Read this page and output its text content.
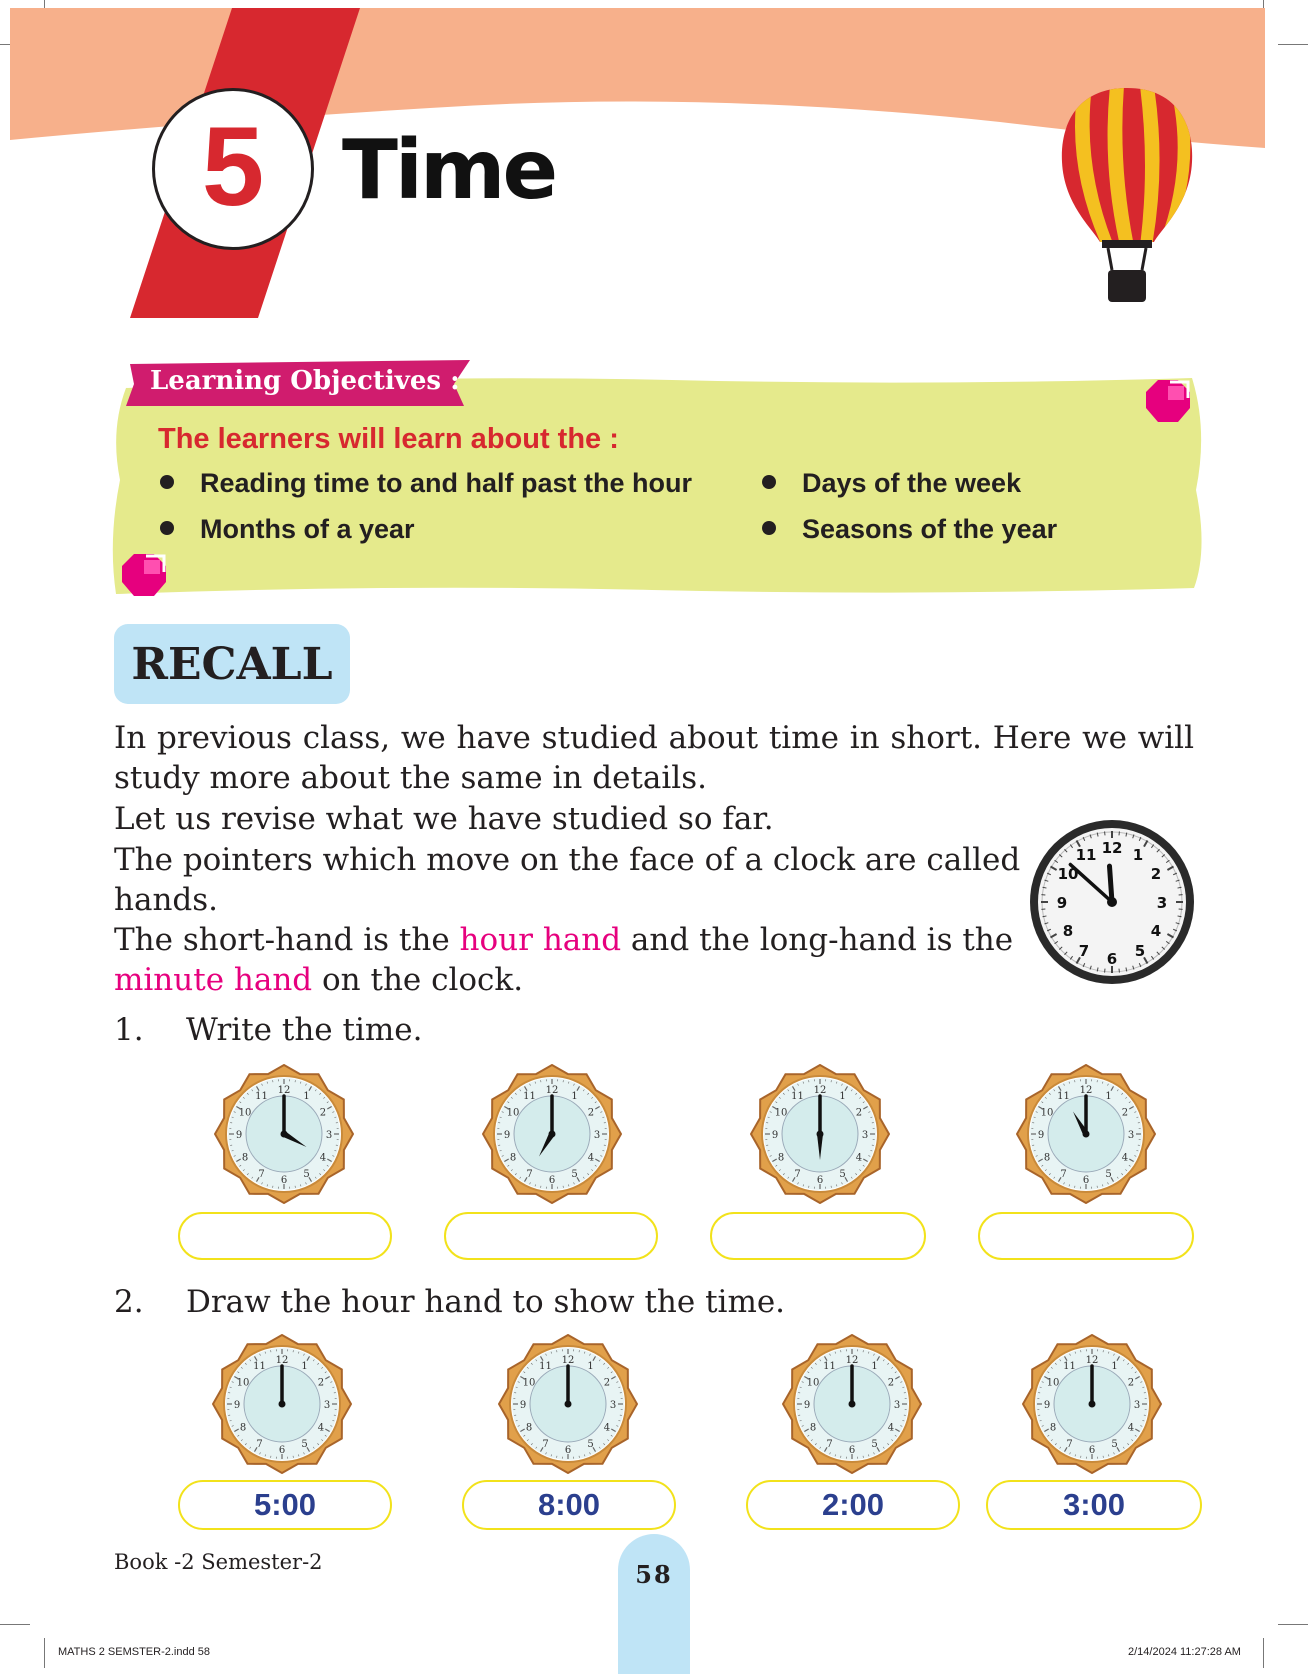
5 Time
Learning Objectives :
The learners will learn about the :
Reading time to and half past the hour	Days of the week
Months of a year	Seasons of the year
RECALL
In previous class, we have studied about time in short. Here we will
study more about the same in details.
Let us revise what we have studied so far.
The pointers which move on the face of a clock are called
hands.
The short-hand is the hour hand and the long-hand is the
minute hand on the clock.
12 1
2
3
4
5
6
7
8
9
10
11
1. Write the time.
1
2
3
4
5
6
7
8
9
10
11
12
1
2
3
4
5
6
7
8
9
10
11
12
1
2
3
4
5
6
7
8
9
10
11
12
1
2
3
4
5
6
7
8
9
10
11
12
2. Draw the hour hand to show the time.
1
2
3
4
5
6
7
8
9
10
11
12
1
2
3
4
5
6
7
8
9
10
11
12
1
2
3
4
5
6
7
8
9
10
11
12
1
2
3
4
5
6
7
8
9
10
11
12
5:00	8:00	2:00	3:00
Book -2 Semester-2	58
MATHS 2 SEMSTER-2.indd 58	2/14/2024 11:27:28 AM
